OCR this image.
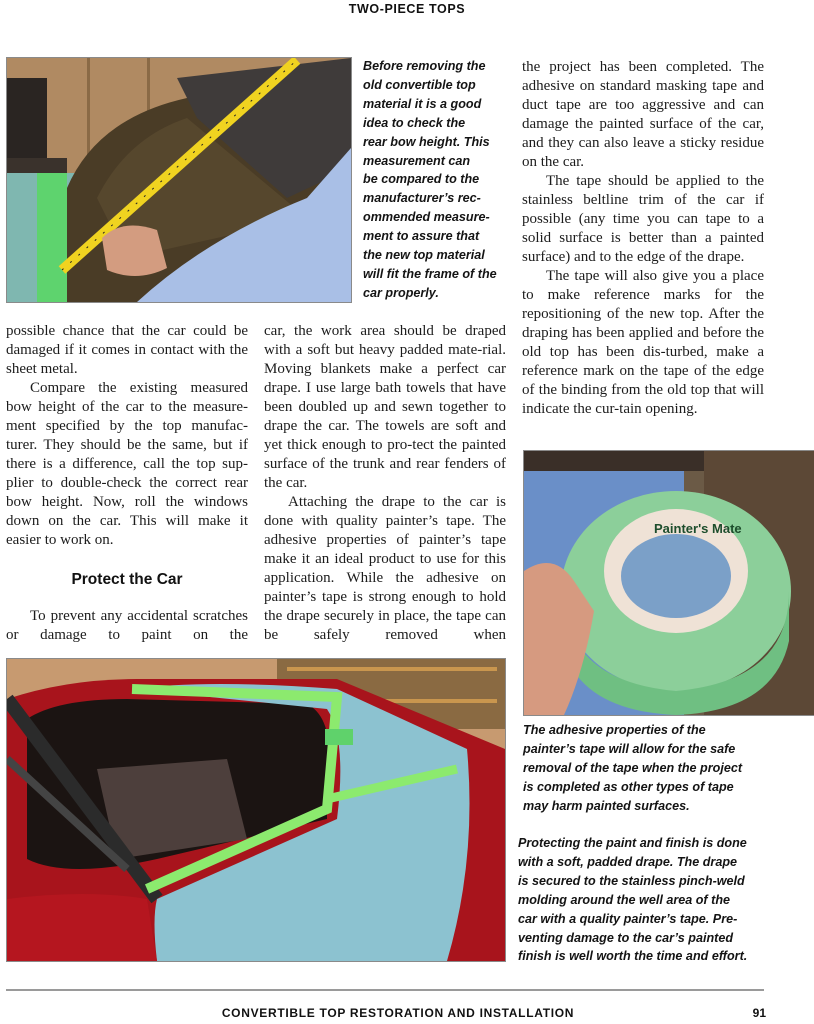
TWO-PIECE TOPS
Before removing the
old convertible top
material it is a good
idea to check the
rear bow height. This
measurement can
be compared to the
manufacturer’s rec-
ommended measure-
ment to assure that
the new top material
will fit the frame of the
car properly.

the project has been completed. The adhesive on standard masking tape and duct tape are too aggressive and can damage the painted surface of the car, and they can also leave a sticky residue on the car.

The tape should be applied to the stainless beltline trim of the car if possible (any time you can tape to a solid surface is better than a painted surface) and to the edge of the drape.

The tape will also give you a place to make reference marks for the repositioning of the new top. After the draping has been applied and before the old top has been dis-turbed, make a reference mark on the tape of the edge of the binding from the old top that will indicate the cur-tain opening.

possible chance that the car could be damaged if it comes in contact with the sheet metal.

Compare the existing measured bow height of the car to the measure-ment specified by the top manufac-turer. They should be the same, but if there is a difference, call the top sup-plier to double-check the correct rear bow height. Now, roll the windows down on the car. This will make it easier to work on.

Protect the Car

To prevent any accidental scratches or damage to paint on the

car, the work area should be draped with a soft but heavy padded mate-rial. Moving blankets make a perfect car drape. I use large bath towels that have been doubled up and sewn together to drape the car. The towels are soft and yet thick enough to pro-tect the painted surface of the trunk and rear fenders of the car.

Attaching the drape to the car is done with quality painter’s tape. The adhesive properties of painter’s tape make it an ideal product to use for this application. While the adhesive on painter’s tape is strong enough to hold the drape securely in place, the tape can be safely removed when

Painter's Mate
The adhesive properties of the
painter’s tape will allow for the safe
removal of the tape when the project
is completed as other types of tape
may harm painted surfaces.
Protecting the paint and finish is done
with a soft, padded drape. The drape
is secured to the stainless pinch-weld
molding around the well area of the
car with a quality painter’s tape. Pre-
venting damage to the car’s painted
finish is well worth the time and effort.
CONVERTIBLE TOP RESTORATION AND INSTALLATION	91
